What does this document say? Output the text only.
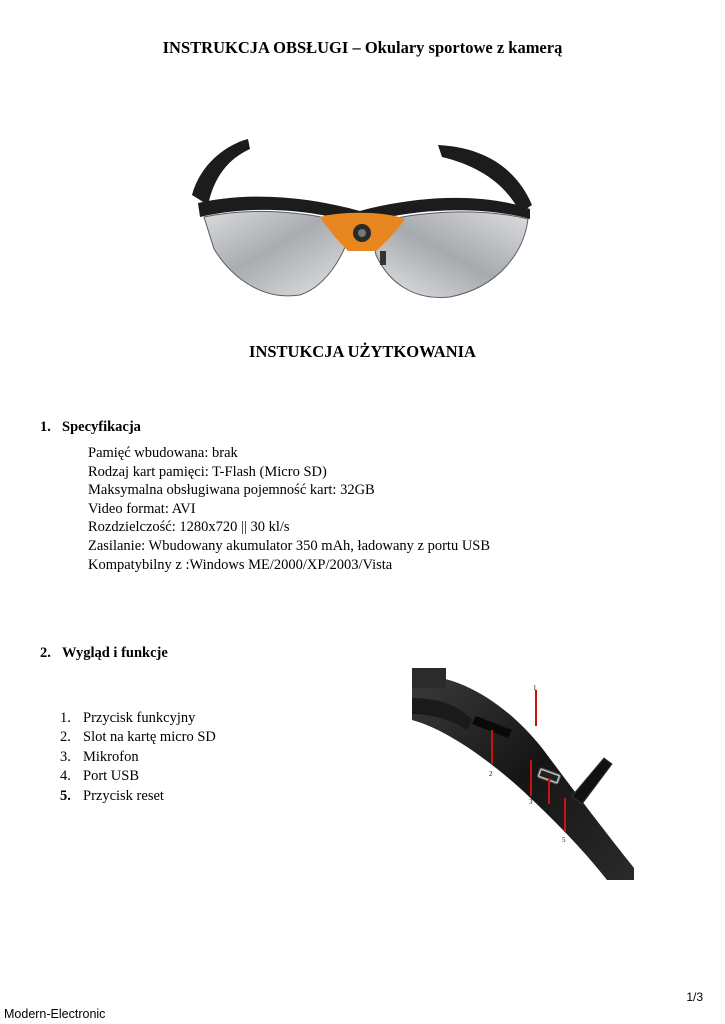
INSTRUKCJA OBSŁUGI – Okulary sportowe z kamerą
INSTUKCJA UŻYTKOWANIA
1. Specyfikacja
Pamięć wbudowana: brak
Rodzaj kart pamięci: T-Flash (Micro SD)
Maksymalna obsługiwana pojemność kart: 32GB
Video format: AVI
Rozdzielczość: 1280x720 || 30 kl/s
Zasilanie: Wbudowany akumulator 350 mAh, ładowany z portu USB
Kompatybilny z :Windows ME/2000/XP/2003/Vista
2. Wygląd i funkcje
1. Przycisk funkcyjny
2. Slot na kartę micro SD
3. Mikrofon
4. Port USB
5. Przycisk reset
1
2
3
4
5
1/3
Modern-Electronic
